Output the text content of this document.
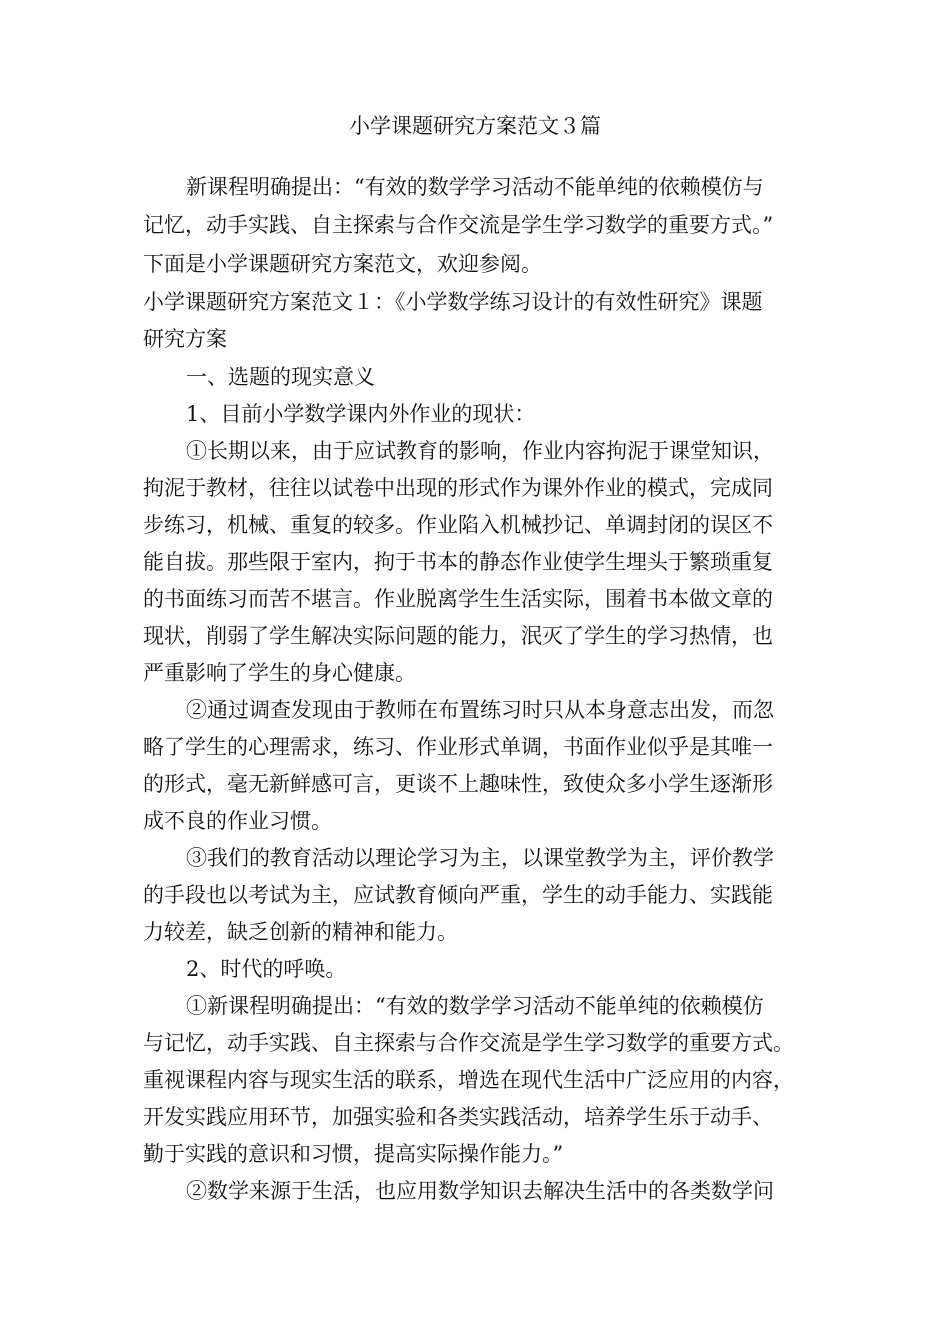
小学课题研究方案范文３篇
新课程明确提出：“有效的数学学习活动不能单纯的依赖模仿与
记忆，动手实践、自主探索与合作交流是学生学习数学的重要方式。”
下面是小学课题研究方案范文，欢迎参阅。
小学课题研究方案范文１：《小学数学练习设计的有效性研究》课题
研究方案
一、选题的现实意义
1、目前小学数学课内外作业的现状：
①长期以来，由于应试教育的影响，作业内容拘泥于课堂知识，
拘泥于教材，往往以试卷中出现的形式作为课外作业的模式，完成同
步练习，机械、重复的较多。作业陷入机械抄记、单调封闭的误区不
能自拔。那些限于室内，拘于书本的静态作业使学生埋头于繁琐重复
的书面练习而苦不堪言。作业脱离学生生活实际，围着书本做文章的
现状，削弱了学生解决实际问题的能力，泯灭了学生的学习热情，也
严重影响了学生的身心健康。
②通过调查发现由于教师在布置练习时只从本身意志出发，而忽
略了学生的心理需求，练习、作业形式单调，书面作业似乎是其唯一
的形式，毫无新鲜感可言，更谈不上趣味性，致使众多小学生逐渐形
成不良的作业习惯。
③我们的教育活动以理论学习为主，以课堂教学为主，评价教学
的手段也以考试为主，应试教育倾向严重，学生的动手能力、实践能
力较差，缺乏创新的精神和能力。
2、时代的呼唤。
①新课程明确提出：“有效的数学学习活动不能单纯的依赖模仿
与记忆，动手实践、自主探索与合作交流是学生学习数学的重要方式。
重视课程内容与现实生活的联系，增选在现代生活中广泛应用的内容，
开发实践应用环节，加强实验和各类实践活动，培养学生乐于动手、
勤于实践的意识和习惯，提高实际操作能力。”
②数学来源于生活，也应用数学知识去解决生活中的各类数学问
